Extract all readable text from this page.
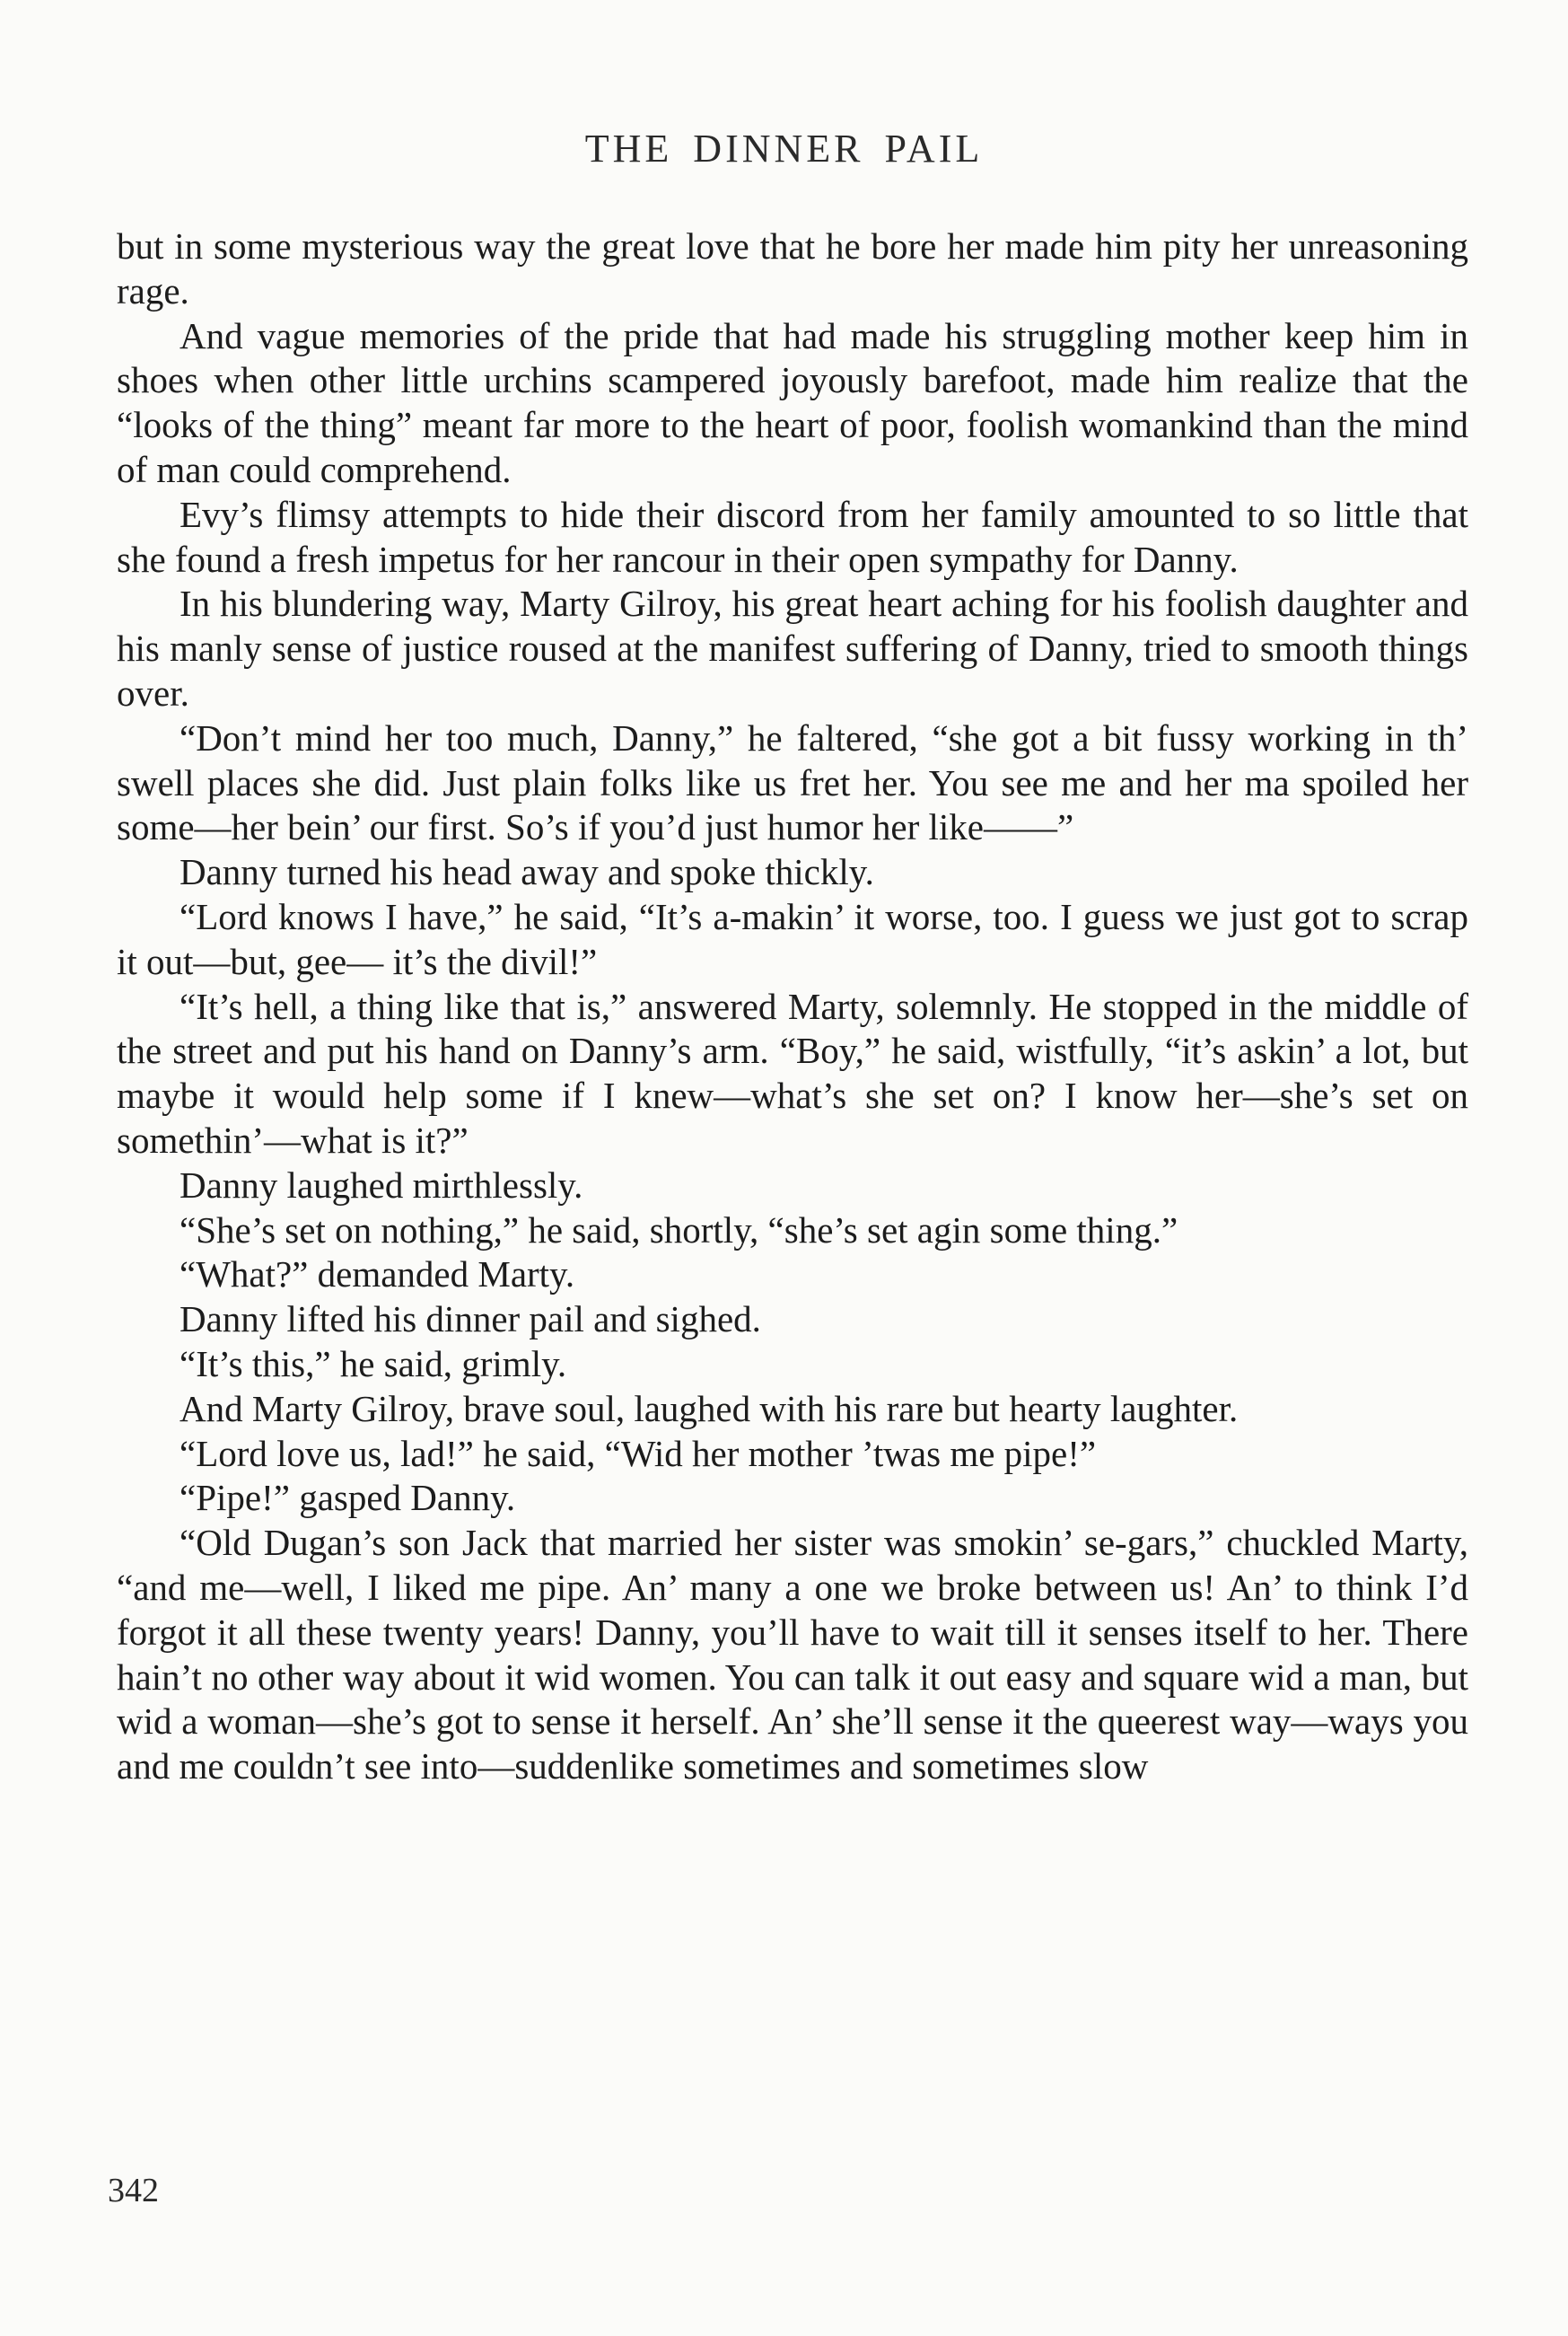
THE DINNER PAIL

but in some mysterious way the great love that he bore her made him pity her unreasoning rage.

And vague memories of the pride that had made his struggling mother keep him in shoes when other little urchins scampered joyously barefoot, made him realize that the “looks of the thing” meant far more to the heart of poor, foolish womankind than the mind of man could comprehend.

Evy’s flimsy attempts to hide their discord from her family amounted to so little that she found a fresh impetus for her rancour in their open sympathy for Danny.

In his blundering way, Marty Gilroy, his great heart aching for his foolish daughter and his manly sense of justice roused at the manifest suffering of Danny, tried to smooth things over.

“Don’t mind her too much, Danny,” he faltered, “she got a bit fussy working in th’ swell places she did. Just plain folks like us fret her. You see me and her ma spoiled her some—her bein’ our first. So’s if you’d just humor her like——”

Danny turned his head away and spoke thickly.

“Lord knows I have,” he said, “It’s a-makin’ it worse, too. I guess we just got to scrap it out—but, gee— it’s the divil!”

“It’s hell, a thing like that is,” answered Marty, solemnly. He stopped in the middle of the street and put his hand on Danny’s arm. “Boy,” he said, wistfully, “it’s askin’ a lot, but maybe it would help some if I knew—what’s she set on? I know her—she’s set on somethin’—what is it?”

Danny laughed mirthlessly.

“She’s set on nothing,” he said, shortly, “she’s set agin some thing.”

“What?” demanded Marty.

Danny lifted his dinner pail and sighed.

“It’s this,” he said, grimly.

And Marty Gilroy, brave soul, laughed with his rare but hearty laughter.

“Lord love us, lad!” he said, “Wid her mother ’twas me pipe!”

“Pipe!” gasped Danny.

“Old Dugan’s son Jack that married her sister was smokin’ se-gars,” chuckled Marty, “and me—well, I liked me pipe. An’ many a one we broke between us! An’ to think I’d forgot it all these twenty years! Danny, you’ll have to wait till it senses itself to her. There hain’t no other way about it wid women. You can talk it out easy and square wid a man, but wid a woman—she’s got to sense it herself. An’ she’ll sense it the queerest way—ways you and me couldn’t see into—suddenlike sometimes and sometimes slow

342
